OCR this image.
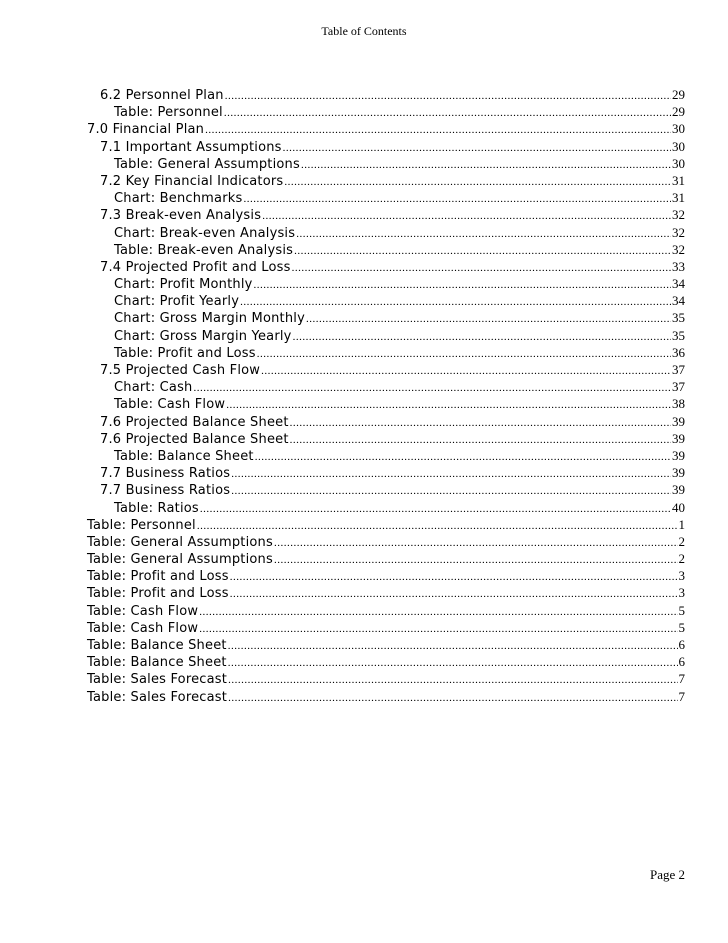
Table of Contents
6.2 Personnel Plan .....	29
Table: Personnel .....	29
7.0 Financial Plan .....	30
7.1 Important Assumptions .....	30
Table: General Assumptions .....	30
7.2 Key Financial Indicators .....	31
Chart: Benchmarks .....	31
7.3 Break-even Analysis .....	32
Chart: Break-even Analysis .....	32
Table: Break-even Analysis .....	32
7.4 Projected Profit and Loss .....	33
Chart: Profit Monthly .....	34
Chart: Profit Yearly .....	34
Chart: Gross Margin Monthly .....	35
Chart: Gross Margin Yearly .....	35
Table: Profit and Loss .....	36
7.5 Projected Cash Flow .....	37
Chart: Cash .....	37
Table: Cash Flow .....	38
7.6 Projected Balance Sheet .....	39
7.6 Projected Balance Sheet .....	39
Table: Balance Sheet .....	39
7.7 Business Ratios .....	39
7.7 Business Ratios .....	39
Table: Ratios .....	40
Table: Personnel .....	1
Table: General Assumptions .....	2
Table: General Assumptions .....	2
Table: Profit and Loss .....	3
Table: Profit and Loss .....	3
Table: Cash Flow .....	5
Table: Cash Flow .....	5
Table: Balance Sheet .....	6
Table: Balance Sheet .....	6
Table: Sales Forecast .....	7
Table: Sales Forecast .....	7
Page 2
